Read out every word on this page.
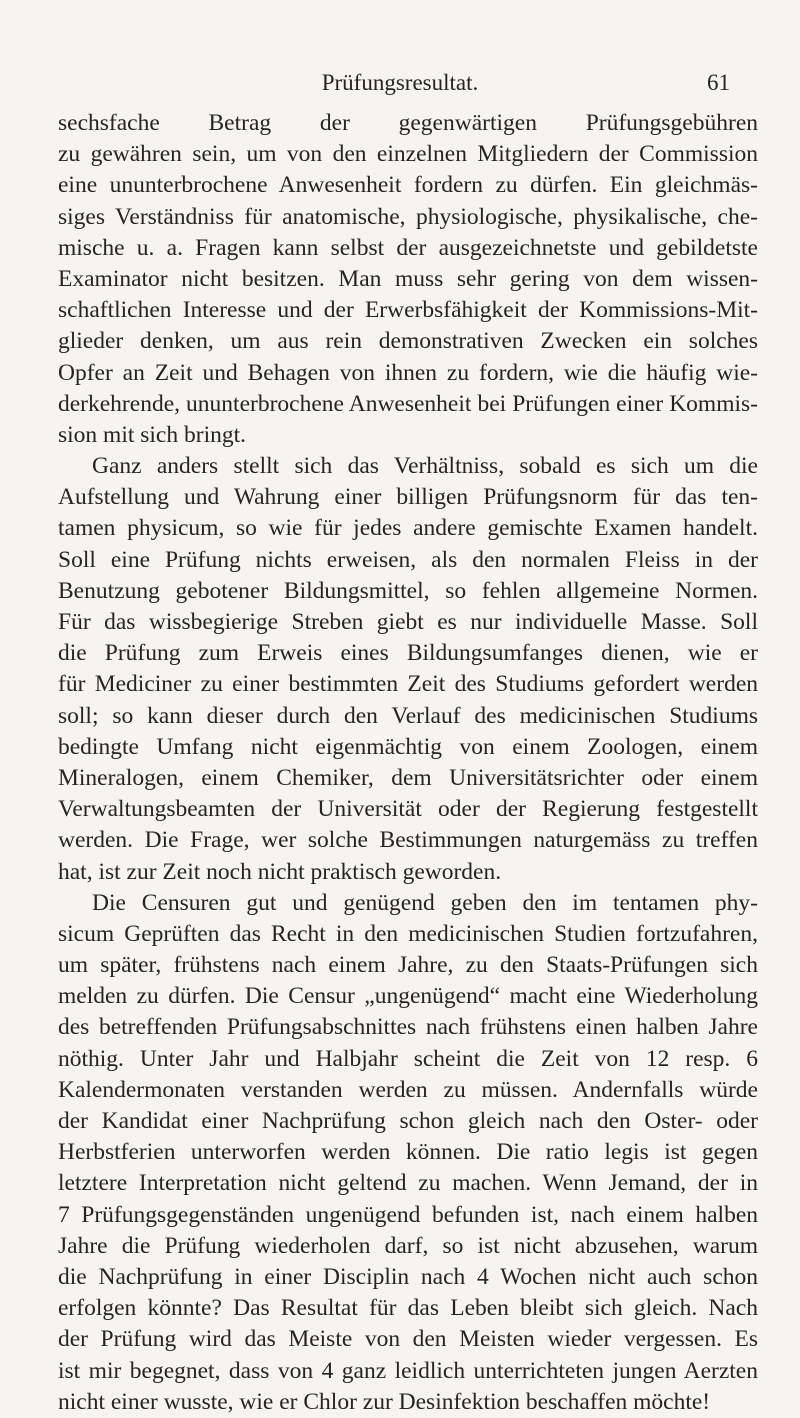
Prüfungsresultat.	61
sechsfache Betrag der gegenwärtigen Prüfungsgebühren
zu gewähren sein, um von den einzelnen Mitgliedern der Commission
eine ununterbrochene Anwesenheit fordern zu dürfen. Ein gleichmäs-
siges Verständniss für anatomische, physiologische, physikalische, che-
mische u. a. Fragen kann selbst der ausgezeichnetste und gebildetste
Examinator nicht besitzen. Man muss sehr gering von dem wissen-
schaftlichen Interesse und der Erwerbsfähigkeit der Kommissions-Mit-
glieder denken, um aus rein demonstrativen Zwecken ein solches
Opfer an Zeit und Behagen von ihnen zu fordern, wie die häufig wie-
derkehrende, ununterbrochene Anwesenheit bei Prüfungen einer Kommis-
sion mit sich bringt.
Ganz anders stellt sich das Verhältniss, sobald es sich um die
Aufstellung und Wahrung einer billigen Prüfungsnorm für das ten-
tamen physicum, so wie für jedes andere gemischte Examen handelt.
Soll eine Prüfung nichts erweisen, als den normalen Fleiss in der
Benutzung gebotener Bildungsmittel, so fehlen allgemeine Normen.
Für das wissbegierige Streben giebt es nur individuelle Masse. Soll
die Prüfung zum Erweis eines Bildungsumfanges dienen, wie er
für Mediciner zu einer bestimmten Zeit des Studiums gefordert werden
soll; so kann dieser durch den Verlauf des medicinischen Studiums
bedingte Umfang nicht eigenmächtig von einem Zoologen, einem
Mineralogen, einem Chemiker, dem Universitätsrichter oder einem
Verwaltungsbeamten der Universität oder der Regierung festgestellt
werden. Die Frage, wer solche Bestimmungen naturgemäss zu treffen
hat, ist zur Zeit noch nicht praktisch geworden.
Die Censuren gut und genügend geben den im tentamen phy-
sicum Geprüften das Recht in den medicinischen Studien fortzufahren,
um später, frühstens nach einem Jahre, zu den Staats-Prüfungen sich
melden zu dürfen. Die Censur „ungenügend“ macht eine Wiederholung
des betreffenden Prüfungsabschnittes nach frühstens einen halben Jahre
nöthig. Unter Jahr und Halbjahr scheint die Zeit von 12 resp. 6
Kalendermonaten verstanden werden zu müssen. Andernfalls würde
der Kandidat einer Nachprüfung schon gleich nach den Oster- oder
Herbstferien unterworfen werden können. Die ratio legis ist gegen
letztere Interpretation nicht geltend zu machen. Wenn Jemand, der in
7 Prüfungsgegenständen ungenügend befunden ist, nach einem halben
Jahre die Prüfung wiederholen darf, so ist nicht abzusehen, warum
die Nachprüfung in einer Disciplin nach 4 Wochen nicht auch schon
erfolgen könnte? Das Resultat für das Leben bleibt sich gleich. Nach
der Prüfung wird das Meiste von den Meisten wieder vergessen. Es
ist mir begegnet, dass von 4 ganz leidlich unterrichteten jungen Aerzten
nicht einer wusste, wie er Chlor zur Desinfektion beschaffen möchte!
